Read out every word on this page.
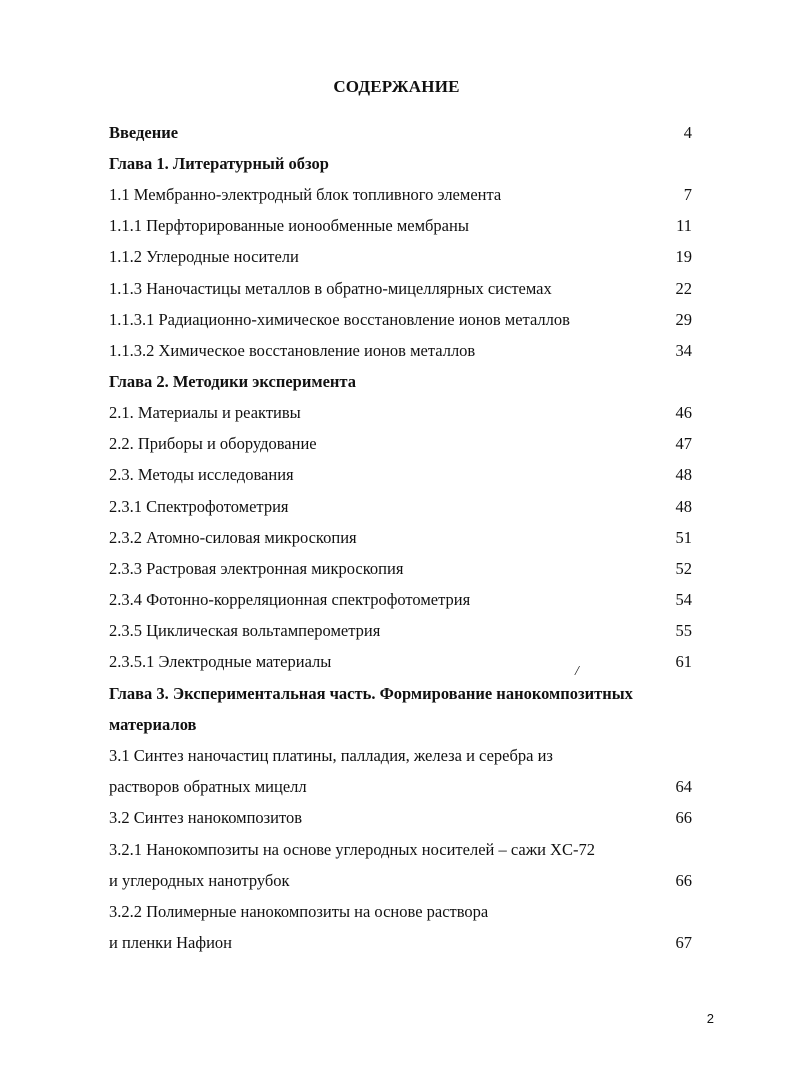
СОДЕРЖАНИЕ
Введение	4
Глава 1. Литературный обзор
1.1 Мембранно-электродный блок топливного элемента	7
1.1.1 Перфторированные ионообменные мембраны	11
1.1.2 Углеродные носители	19
1.1.3 Наночастицы металлов в обратно-мицеллярных системах	22
1.1.3.1 Радиационно-химическое восстановление ионов металлов	29
1.1.3.2 Химическое восстановление ионов металлов	34
Глава 2. Методики эксперимента
2.1. Материалы и реактивы	46
2.2. Приборы и оборудование	47
2.3. Методы исследования	48
2.3.1 Спектрофотометрия	48
2.3.2 Атомно-силовая микроскопия	51
2.3.3 Растровая электронная микроскопия	52
2.3.4 Фотонно-корреляционная спектрофотометрия	54
2.3.5 Циклическая вольтамперометрия	55
2.3.5.1 Электродные материалы	61
Глава 3. Экспериментальная часть. Формирование нанокомпозитных
материалов
3.1 Синтез наночастиц платины, палладия, железа и серебра из
растворов обратных мицелл	64
3.2 Синтез нанокомпозитов	66
3.2.1 Нанокомпозиты на основе углеродных носителей – сажи XC-72
и углеродных нанотрубок	66
3.2.2 Полимерные нанокомпозиты на основе раствора
и пленки Нафион	67
/
2
